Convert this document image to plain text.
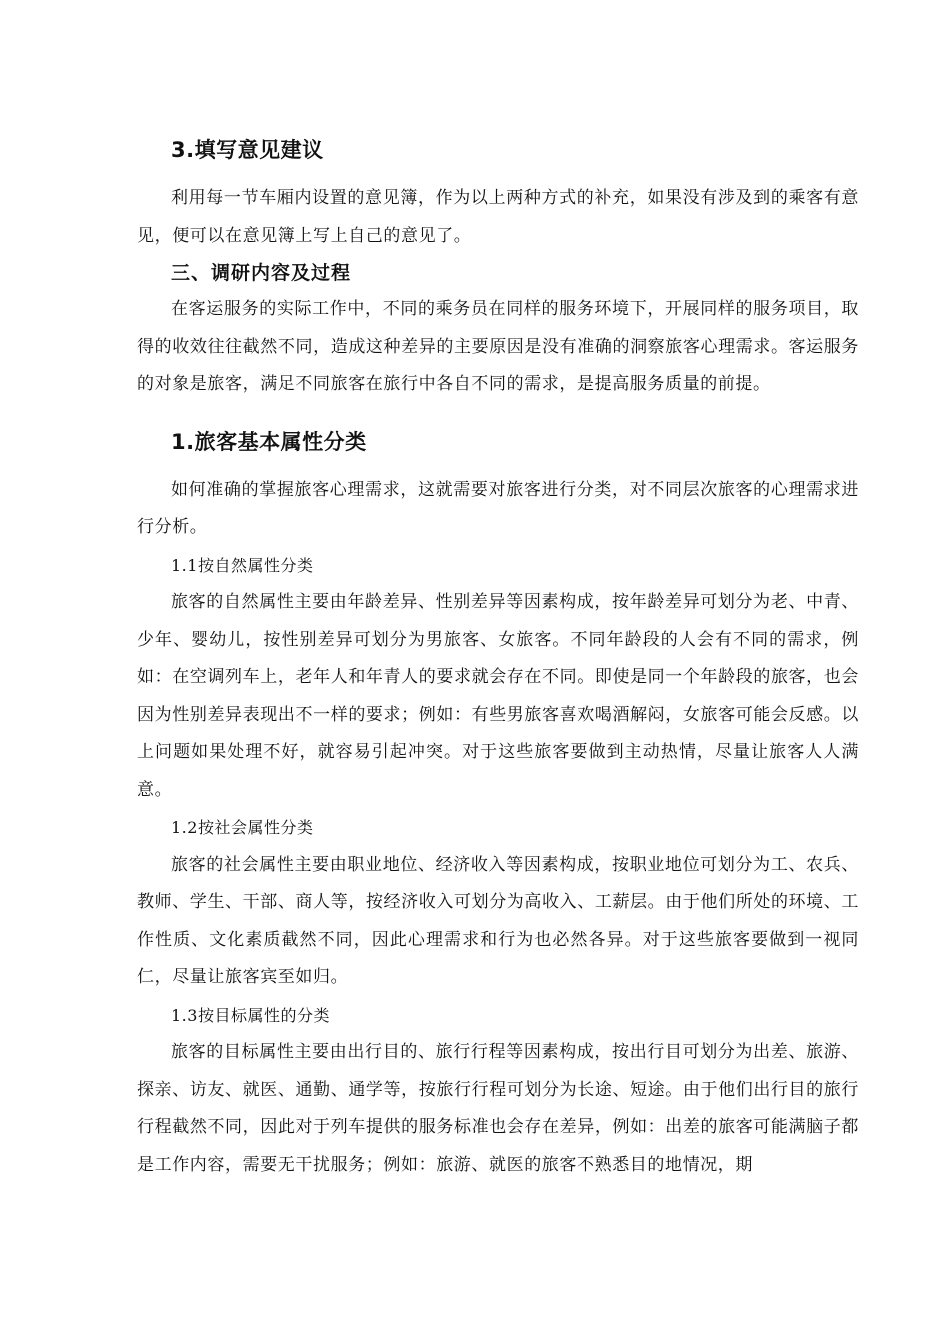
3.填写意见建议

利用每一节车厢内设置的意见簿，作为以上两种方式的补充，如果没有涉及到的乘客有意见，便可以在意见簿上写上自己的意见了。

三、调研内容及过程

在客运服务的实际工作中，不同的乘务员在同样的服务环境下，开展同样的服务项目，取得的收效往往截然不同，造成这种差异的主要原因是没有准确的洞察旅客心理需求。客运服务的对象是旅客，满足不同旅客在旅行中各自不同的需求，是提高服务质量的前提。

1.旅客基本属性分类

如何准确的掌握旅客心理需求，这就需要对旅客进行分类，对不同层次旅客的心理需求进行分析。

1.1按自然属性分类

旅客的自然属性主要由年龄差异、性别差异等因素构成，按年龄差异可划分为老、中青、少年、婴幼儿，按性别差异可划分为男旅客、女旅客。不同年龄段的人会有不同的需求，例如：在空调列车上，老年人和年青人的要求就会存在不同。即使是同一个年龄段的旅客，也会因为性别差异表现出不一样的要求；例如：有些男旅客喜欢喝酒解闷，女旅客可能会反感。以上问题如果处理不好，就容易引起冲突。对于这些旅客要做到主动热情，尽量让旅客人人满意。

1.2按社会属性分类

旅客的社会属性主要由职业地位、经济收入等因素构成，按职业地位可划分为工、农兵、教师、学生、干部、商人等，按经济收入可划分为高收入、工薪层。由于他们所处的环境、工作性质、文化素质截然不同，因此心理需求和行为也必然各异。对于这些旅客要做到一视同仁，尽量让旅客宾至如归。

1.3按目标属性的分类

旅客的目标属性主要由出行目的、旅行行程等因素构成，按出行目可划分为出差、旅游、探亲、访友、就医、通勤、通学等，按旅行行程可划分为长途、短途。由于他们出行目的旅行行程截然不同，因此对于列车提供的服务标准也会存在差异，例如：出差的旅客可能满脑子都是工作内容，需要无干扰服务；例如：旅游、就医的旅客不熟悉目的地情况，期
